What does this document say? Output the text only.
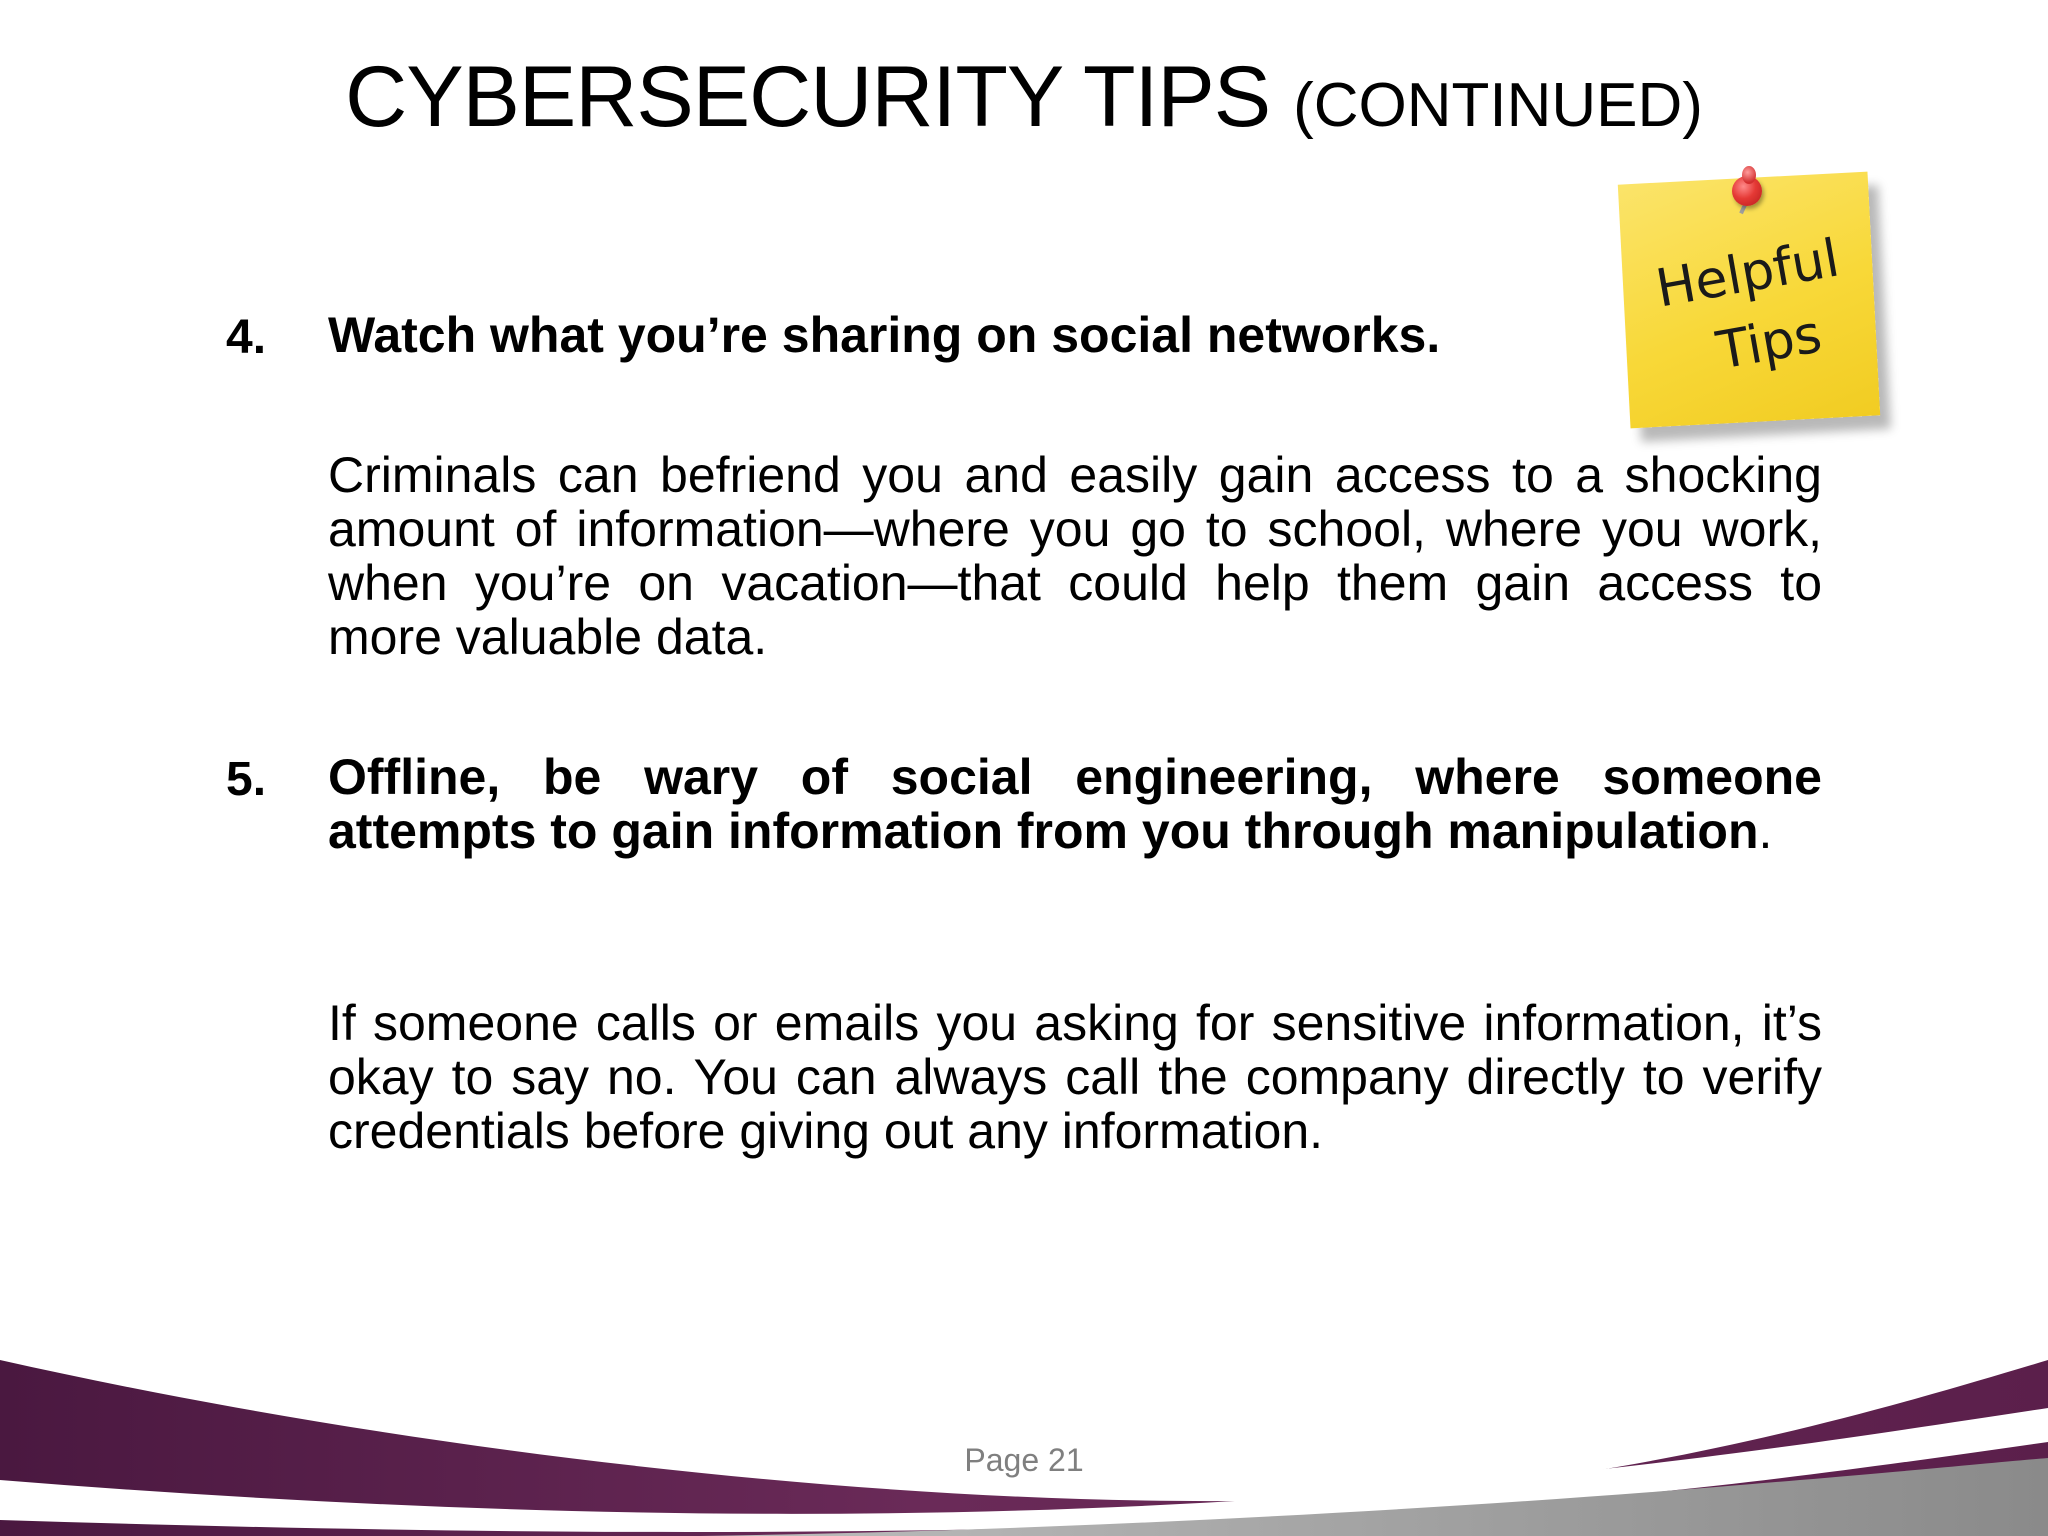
CYBERSECURITY TIPS (CONTINUED)
Helpful
Tips
4. Watch what you’re sharing on social networks.
Criminals can befriend you and easily gain access to a shocking amount of information—where you go to school, where you work, when you’re on vacation—that could help them gain access to more valuable data.
5. Offline, be wary of social engineering, where someone attempts to gain information from you through manipulation.
If someone calls or emails you asking for sensitive information, it’s okay to say no. You can always call the company directly to verify credentials before giving out any information.
Page 21
